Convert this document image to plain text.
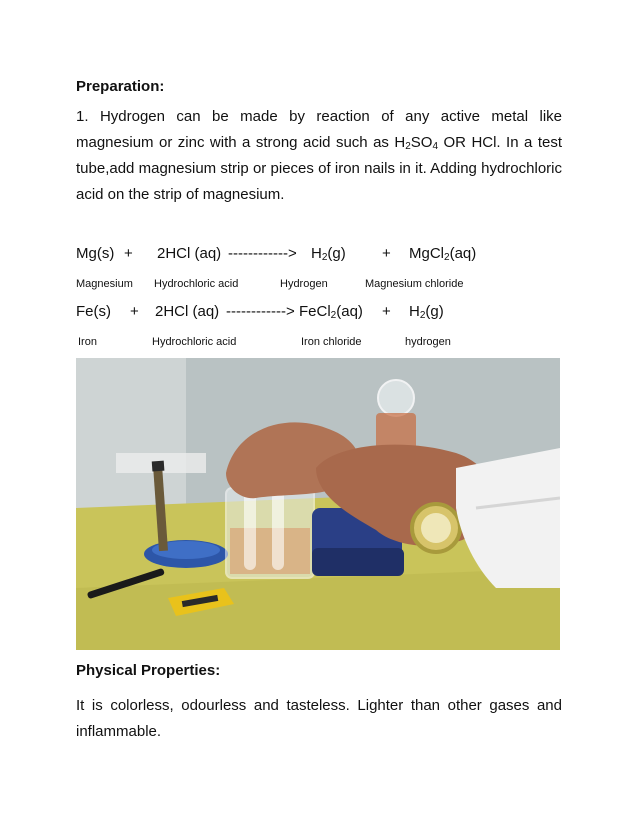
Preparation:

1. Hydrogen can be made by reaction of any active metal like magnesium or zinc with a strong acid such as $H_2SO_4$ OR HCl. In a test tube,add magnesium strip or pieces of iron nails in it. Adding hydrochloric acid on the strip of magnesium.

Mg(s) + 2HCl (aq) ------------> $H_2(g)$ + MgCl$_2$(aq)
Magnesium Hydrochloric acid	Hydrogen	Magnesium chloride
Fe(s) + 2HCl (aq) ------------> FeCl$_2$(aq) + $H_2(g)$
Iron	Hydrochloric acid	Iron chloride	hydrogen
Physical Properties:

It is colorless, odourless and tasteless. Lighter than other gases and inflammable.
